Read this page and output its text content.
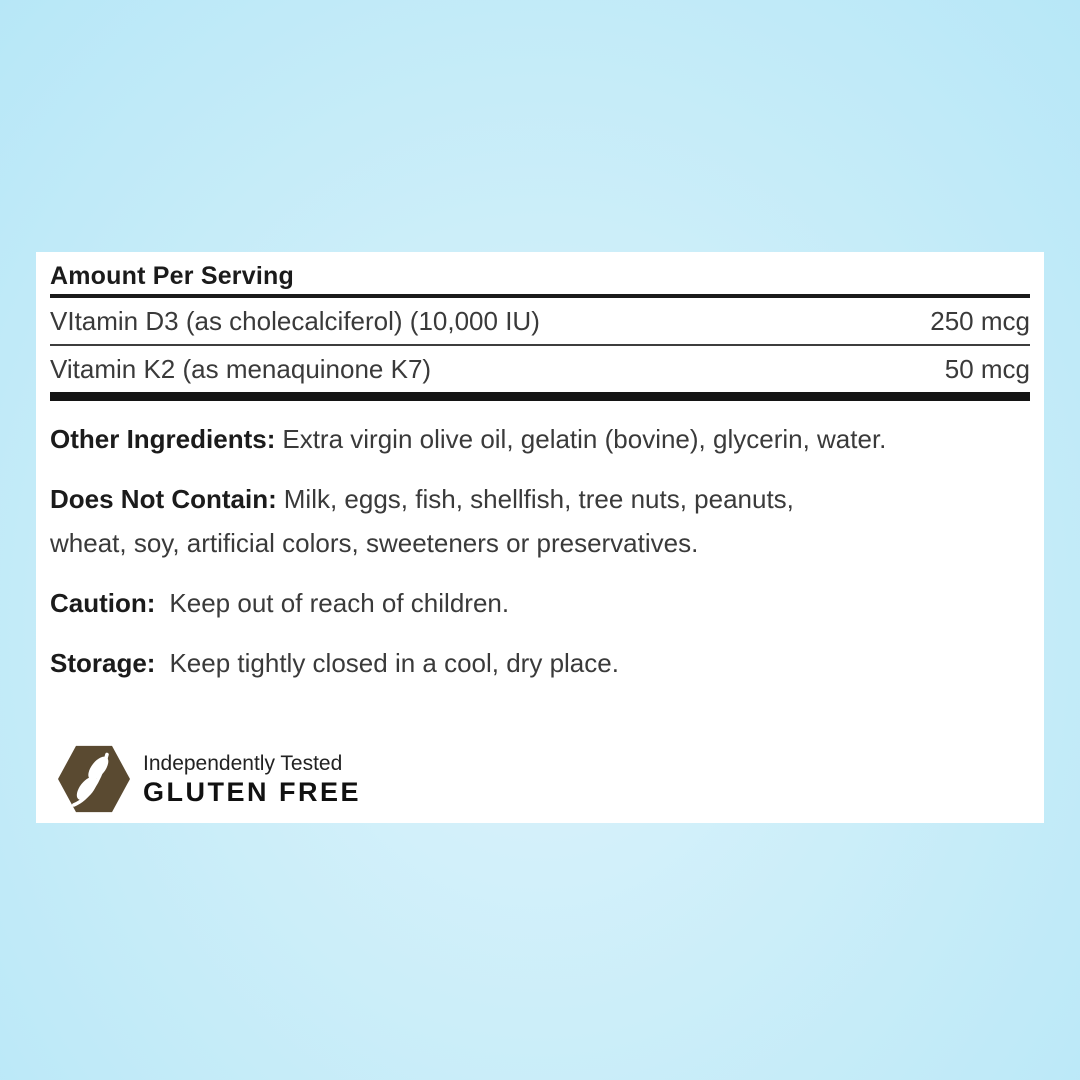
Amount Per Serving
VItamin D3 (as cholecalciferol) (10,000 IU)	250 mcg
Vitamin K2 (as menaquinone K7)	50 mcg

Other Ingredients: Extra virgin olive oil, gelatin (bovine), glycerin, water.

Does Not Contain: Milk, eggs, fish, shellfish, tree nuts, peanuts,
wheat, soy, artificial colors, sweeteners or preservatives.

Caution: Keep out of reach of children.

Storage: Keep tightly closed in a cool, dry place.

Independently Tested
GLUTEN FREE
